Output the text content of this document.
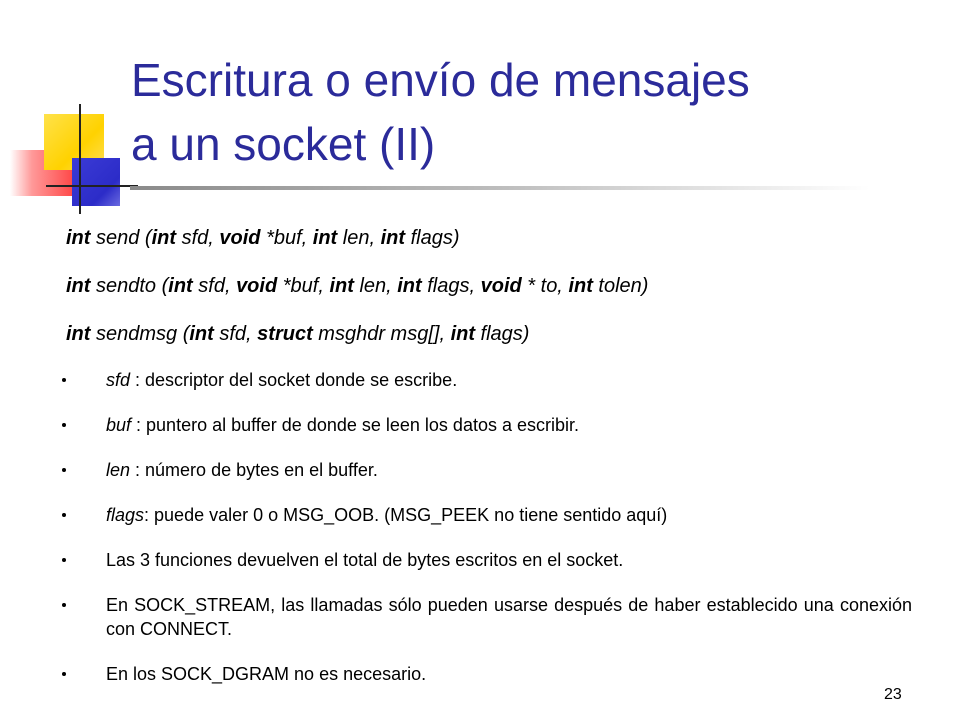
Escritura o envío de mensajes
a un socket (II)

int send (int sfd, void *buf, int len, int flags)

int sendto (int sfd, void *buf, int len, int flags, void * to, int tolen)

int sendmsg (int sfd, struct msghdr msg[], int flags)

sfd : descriptor del socket donde se escribe.
buf : puntero al buffer de donde se leen los datos a escribir.
len : número de bytes en el buffer.
flags: puede valer 0 o MSG_OOB. (MSG_PEEK no tiene sentido aquí)
Las 3 funciones devuelven el total de bytes escritos en el socket.
En SOCK_STREAM, las llamadas sólo pueden usarse después de haber establecido una conexión con CONNECT.
En los SOCK_DGRAM no es necesario.
23
